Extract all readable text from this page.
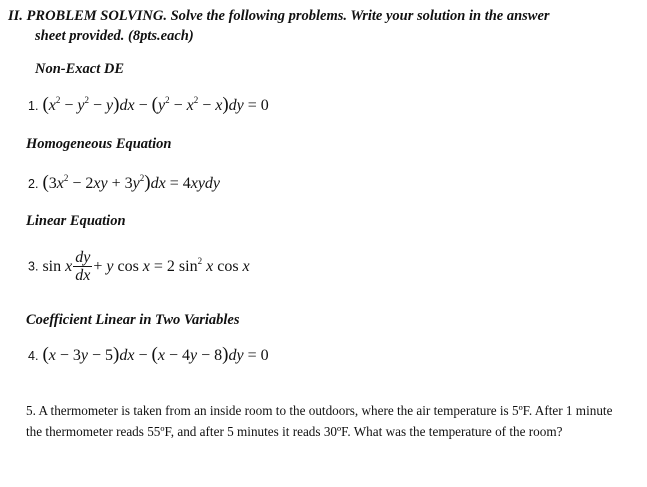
II. PROBLEM SOLVING. Solve the following problems. Write your solution in the answer
sheet provided. (8pts.each)
Non-Exact DE
1. $(x^2 - y^2 - y)dx - (y^2 - x^2 - x)dy = 0$
Homogeneous Equation
2. $(3x^2 - 2xy + 3y^2)dx$ = 4xydy
Linear Equation
3. sin x $\frac{dy}{dx} + y$ cos x = 2 $\sin^2 x$ cos x
Coefficient Linear in Two Variables
4. (x − 3y − 5)dx − (x − 4y − 8)dy = 0
5. A thermometer is taken from an inside room to the outdoors, where the air temperature is 5ºF. After 1 minute the thermometer reads 55ºF, and after 5 minutes it reads 30ºF. What was the temperature of the room?
